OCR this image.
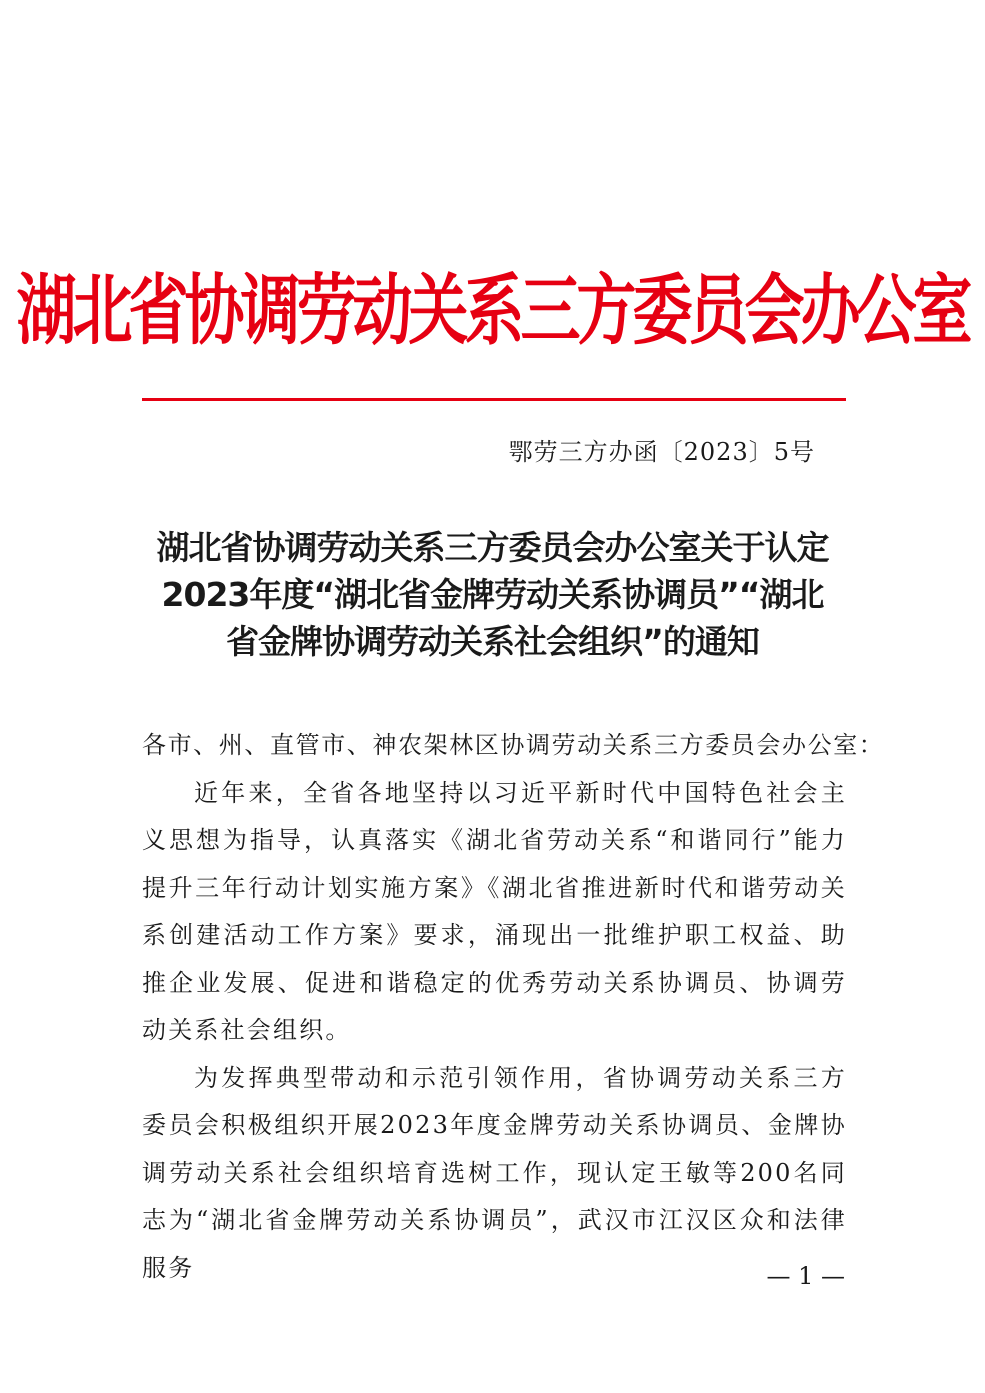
湖北省协调劳动关系三方委员会办公室
鄂劳三方办函〔2023〕5号
湖北省协调劳动关系三方委员会办公室关于认定
2023年度“湖北省金牌劳动关系协调员”“湖北
省金牌协调劳动关系社会组织”的通知

各市、州、直管市、神农架林区协调劳动关系三方委员会办公室：

近年来，全省各地坚持以习近平新时代中国特色社会主义思想为指导，认真落实《湖北省劳动关系“和谐同行”能力提升三年行动计划实施方案》《湖北省推进新时代和谐劳动关系创建活动工作方案》要求，涌现出一批维护职工权益、助推企业发展、促进和谐稳定的优秀劳动关系协调员、协调劳动关系社会组织。

为发挥典型带动和示范引领作用，省协调劳动关系三方委员会积极组织开展2023年度金牌劳动关系协调员、金牌协调劳动关系社会组织培育选树工作，现认定王敏等200名同志为“湖北省金牌劳动关系协调员”，武汉市江汉区众和法律服务	— 1 —
